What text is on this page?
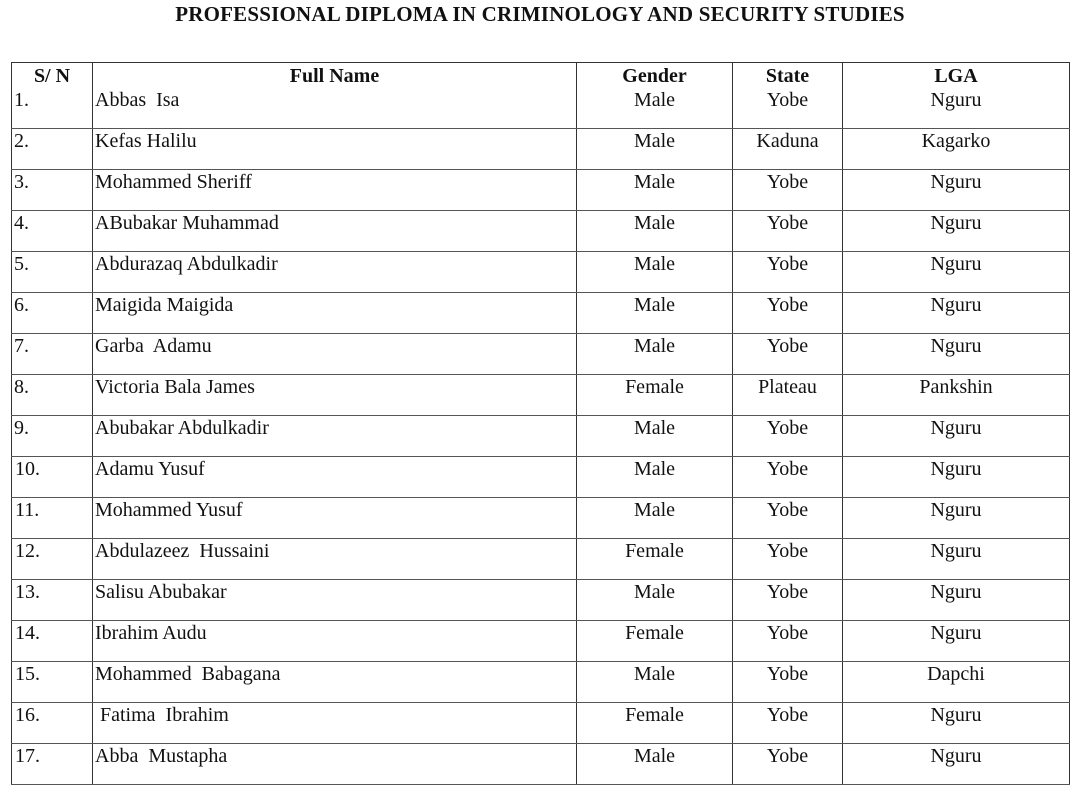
PROFESSIONAL DIPLOMA IN CRIMINOLOGY AND SECURITY STUDIES
S/ N	Full Name	Gender	State	LGA
1.	Abbas  Isa	Male	Yobe	Nguru
2.	Kefas Halilu	Male	Kaduna	Kagarko
3.	Mohammed Sheriff	Male	Yobe	Nguru
4.	ABubakar Muhammad	Male	Yobe	Nguru
5.	Abdurazaq Abdulkadir	Male	Yobe	Nguru
6.	Maigida Maigida	Male	Yobe	Nguru
7.	Garba  Adamu	Male	Yobe	Nguru
8.	Victoria Bala James	Female	Plateau	Pankshin
9.	Abubakar Abdulkadir	Male	Yobe	Nguru
10.	Adamu Yusuf	Male	Yobe	Nguru
11.	Mohammed Yusuf	Male	Yobe	Nguru
12.	Abdulazeez  Hussaini	Female	Yobe	Nguru
13.	Salisu Abubakar	Male	Yobe	Nguru
14.	Ibrahim Audu	Female	Yobe	Nguru
15.	Mohammed  Babagana	Male	Yobe	Dapchi
16.	Fatima  Ibrahim	Female	Yobe	Nguru
17.	Abba  Mustapha	Male	Yobe	Nguru
